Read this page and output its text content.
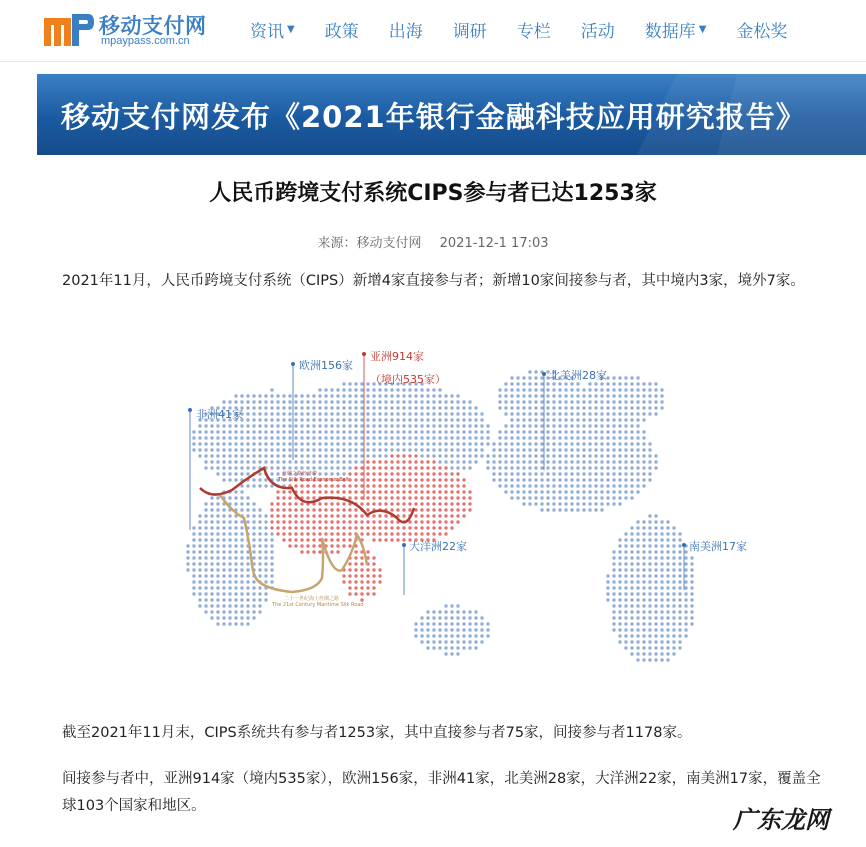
移动支付网
mpaypass.com.cn	资讯 ▼ 政策 出海 调研 专栏 活动 数据库 ▼ 金松奖
移动支付网发布《2021年银行金融科技应用研究报告》
人民币跨境支付系统CIPS参与者已达1253家
来源：移动支付网 2021-12-1 17:03

2021年11月，人民币跨境支付系统（CIPS）新增4家直接参与者；新增10家间接参与者，其中境内3家，境外7家。

欧洲156家
亚洲914家
（境内535家）
非洲41家
大洋洲22家
北美洲28家
南美洲17家
丝绸之路经济带
The Silk Road Economic Belt
二十一世纪海上丝绸之路
The 21st Century Maritime Silk Road

截至2021年11月末，CIPS系统共有参与者1253家，其中直接参与者75家，间接参与者1178家。

间接参与者中，亚洲914家（境内535家），欧洲156家，非洲41家，北美洲28家，大洋洲22家，南美洲17家，覆盖全球103个国家和地区。	广东龙网
